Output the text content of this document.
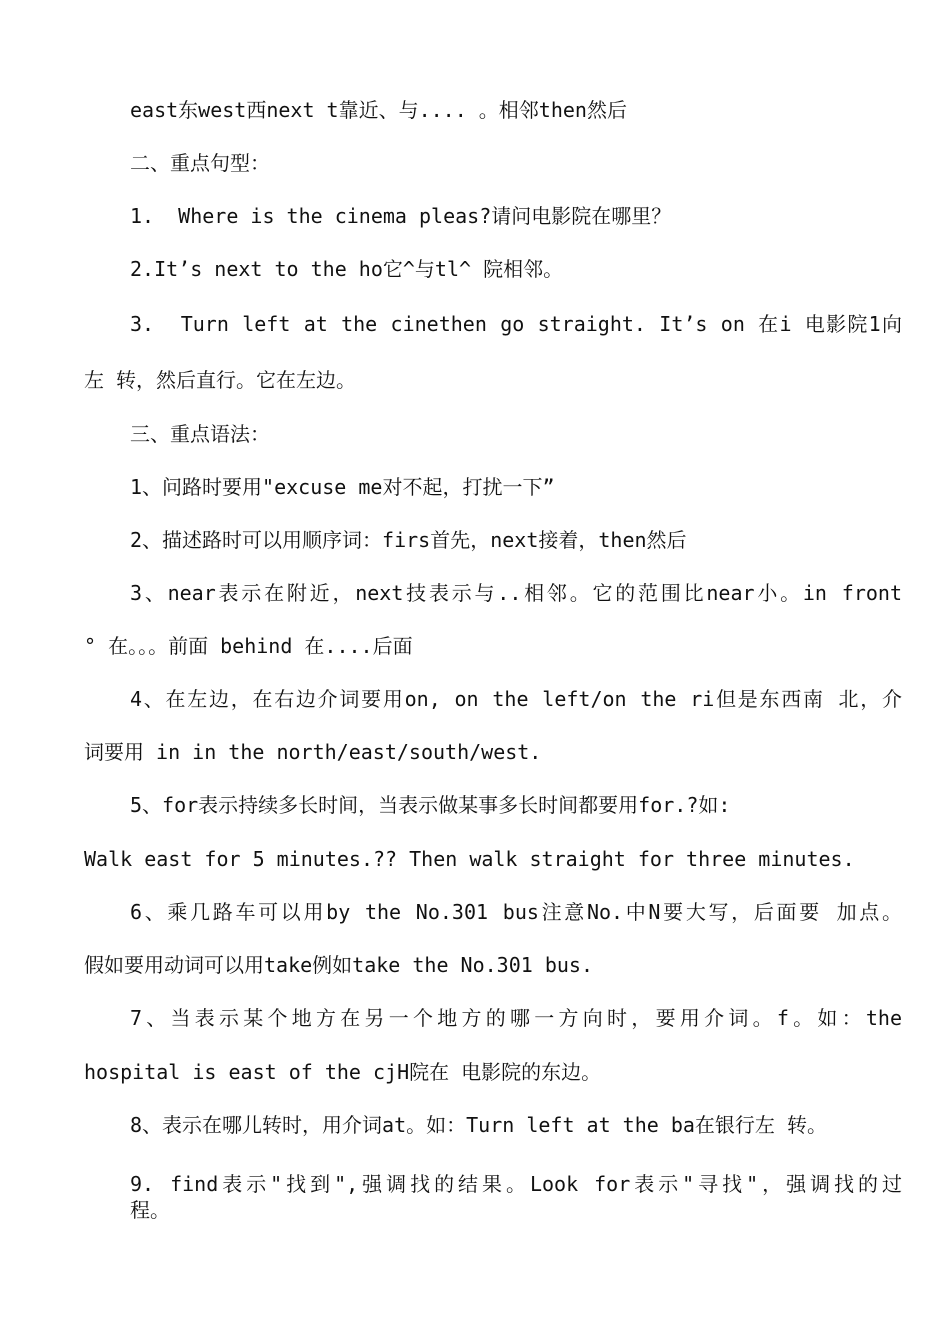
east东west西next t靠近、与.... 。相邻then然后
二、重点句型：
1.  Where is the cinema pleas?请问电影院在哪里？
2.It’s next to the ho它^与tl^ 院相邻。
3.  Turn left at the cinethen go straight. It’s on 在i 电影院1向
左 转，然后直行。它在左边。
三、重点语法：
1、问路时要用"excuse me对不起，打扰一下”
2、描述路时可以用顺序词：firs首先，next接着，then然后
3、near表示在附近，next技表示与..相邻。它的范围比near小。in front
° 在。。。前面 behind 在....后面
4、在左边，在右边介词要用on, on the left/on the ri但是东西南 北，介
词要用 in in the north/east/south/west.
5、for表示持续多长时间，当表示做某事多长时间都要用for.?如:
Walk east for 5 minutes.?? Then walk straight for three minutes.
6、乘几路车可以用by the No.301 bus注意No.中N要大写，后面要 加点。
假如要用动词可以用take例如take the No.301 bus.
7、当表示某个地方在另一个地方的哪一方向时，要用介词。f。如：the
hospital is east of the cjH院在 电影院的东边。
8、表示在哪儿转时，用介词at。如：Turn left at the ba在银行左 转。
9. find表示"找到",强调找的结果。Look for表示"寻找"，强调找的过
程。
